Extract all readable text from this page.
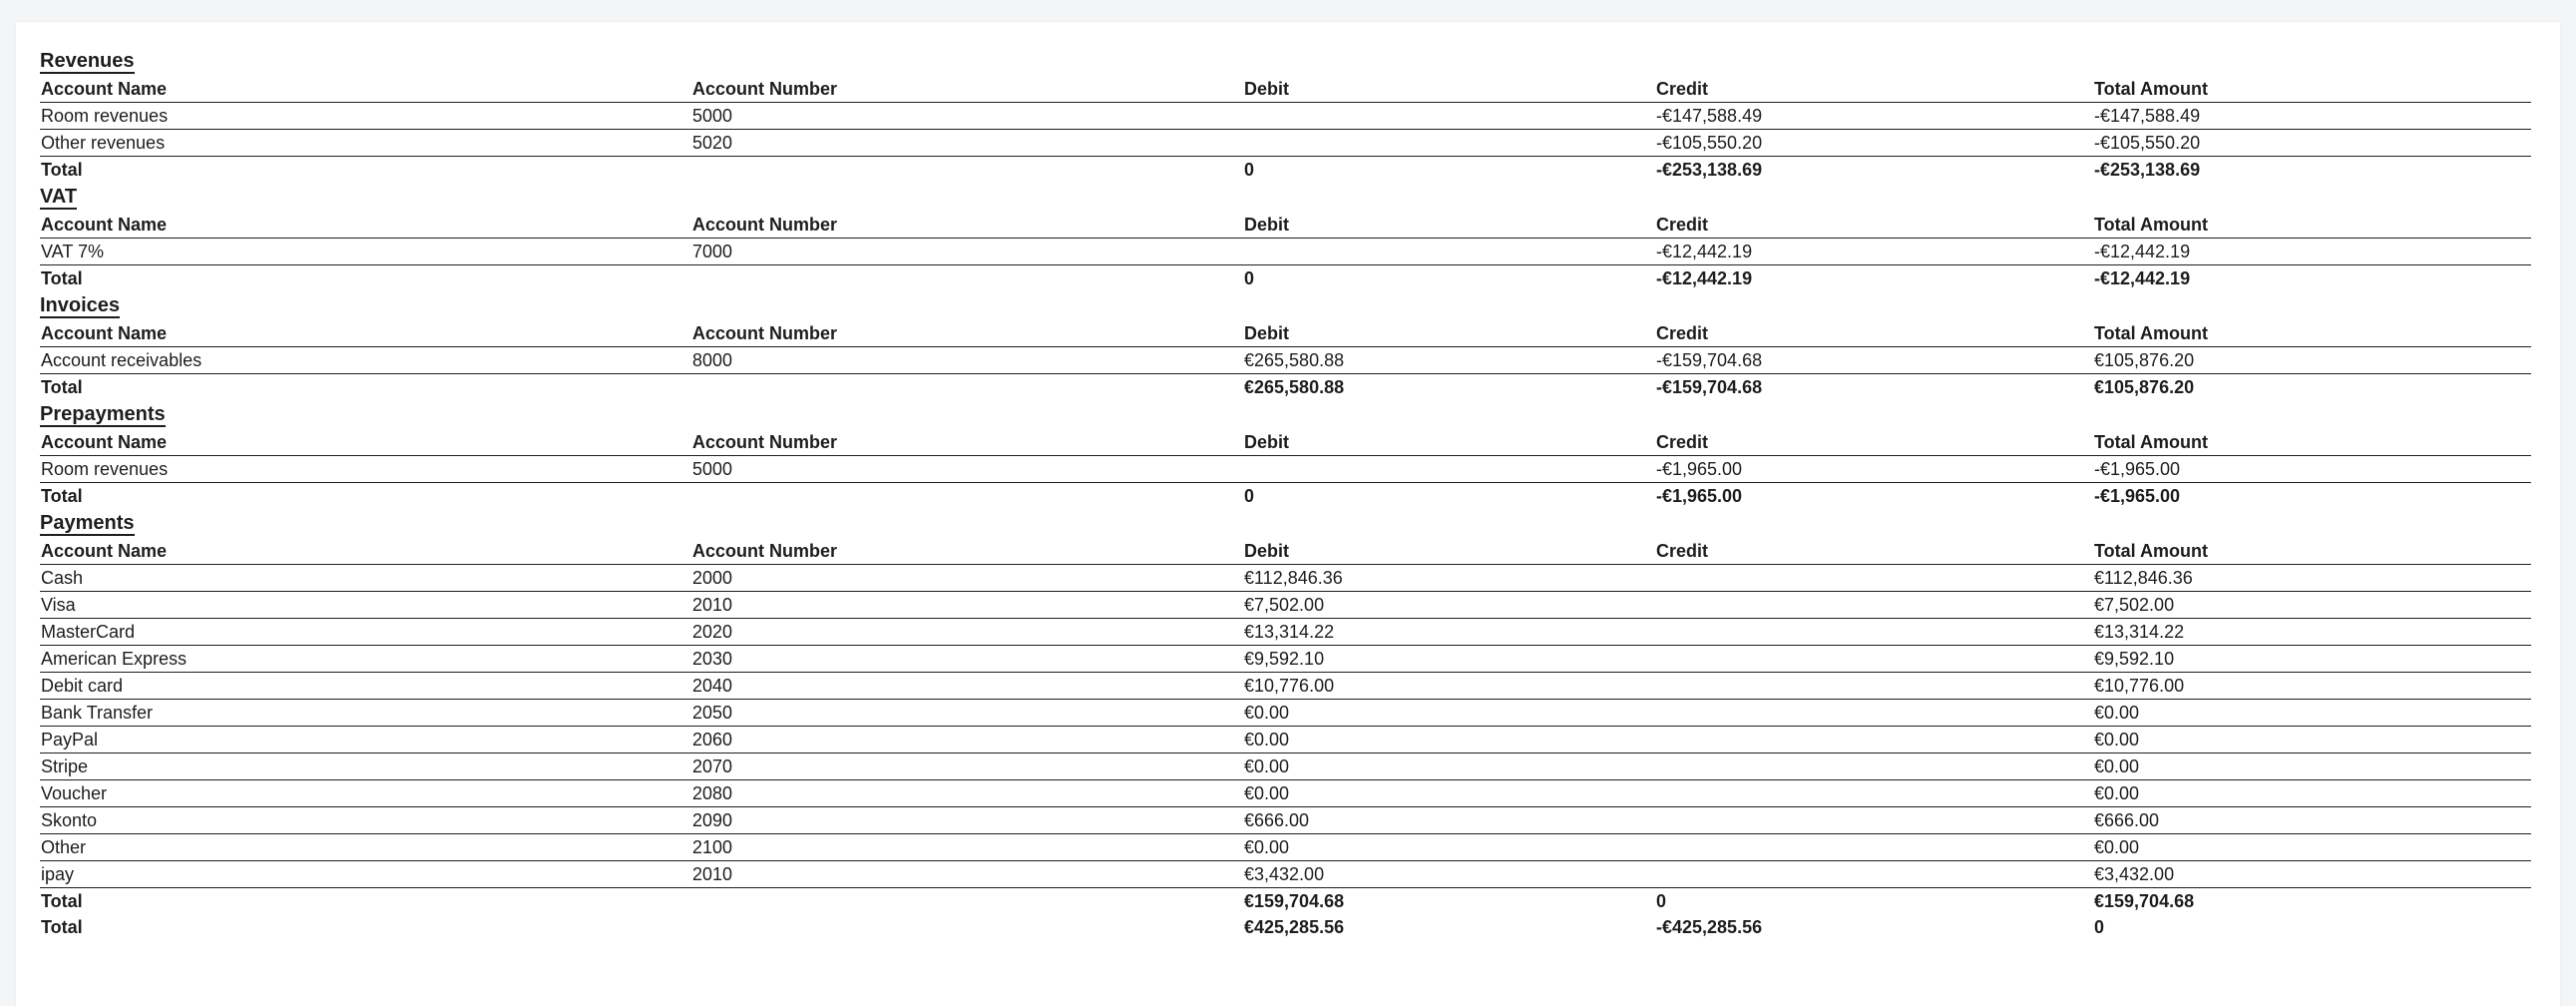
Revenues
Account Name	Account Number	Debit	Credit	Total Amount
Room revenues	5000		-€147,588.49	-€147,588.49
Other revenues	5020		-€105,550.20	-€105,550.20
Total		0	-€253,138.69	-€253,138.69
VAT
Account Name	Account Number	Debit	Credit	Total Amount
VAT 7%	7000		-€12,442.19	-€12,442.19
Total		0	-€12,442.19	-€12,442.19
Invoices
Account Name	Account Number	Debit	Credit	Total Amount
Account receivables	8000	€265,580.88	-€159,704.68	€105,876.20
Total		€265,580.88	-€159,704.68	€105,876.20
Prepayments
Account Name	Account Number	Debit	Credit	Total Amount
Room revenues	5000		-€1,965.00	-€1,965.00
Total		0	-€1,965.00	-€1,965.00
Payments
Account Name	Account Number	Debit	Credit	Total Amount
Cash	2000	€112,846.36		€112,846.36
Visa	2010	€7,502.00		€7,502.00
MasterCard	2020	€13,314.22		€13,314.22
American Express	2030	€9,592.10		€9,592.10
Debit card	2040	€10,776.00		€10,776.00
Bank Transfer	2050	€0.00		€0.00
PayPal	2060	€0.00		€0.00
Stripe	2070	€0.00		€0.00
Voucher	2080	€0.00		€0.00
Skonto	2090	€666.00		€666.00
Other	2100	€0.00		€0.00
ipay	2010	€3,432.00		€3,432.00
Total		€159,704.68	0	€159,704.68
Total		€425,285.56	-€425,285.56	0
